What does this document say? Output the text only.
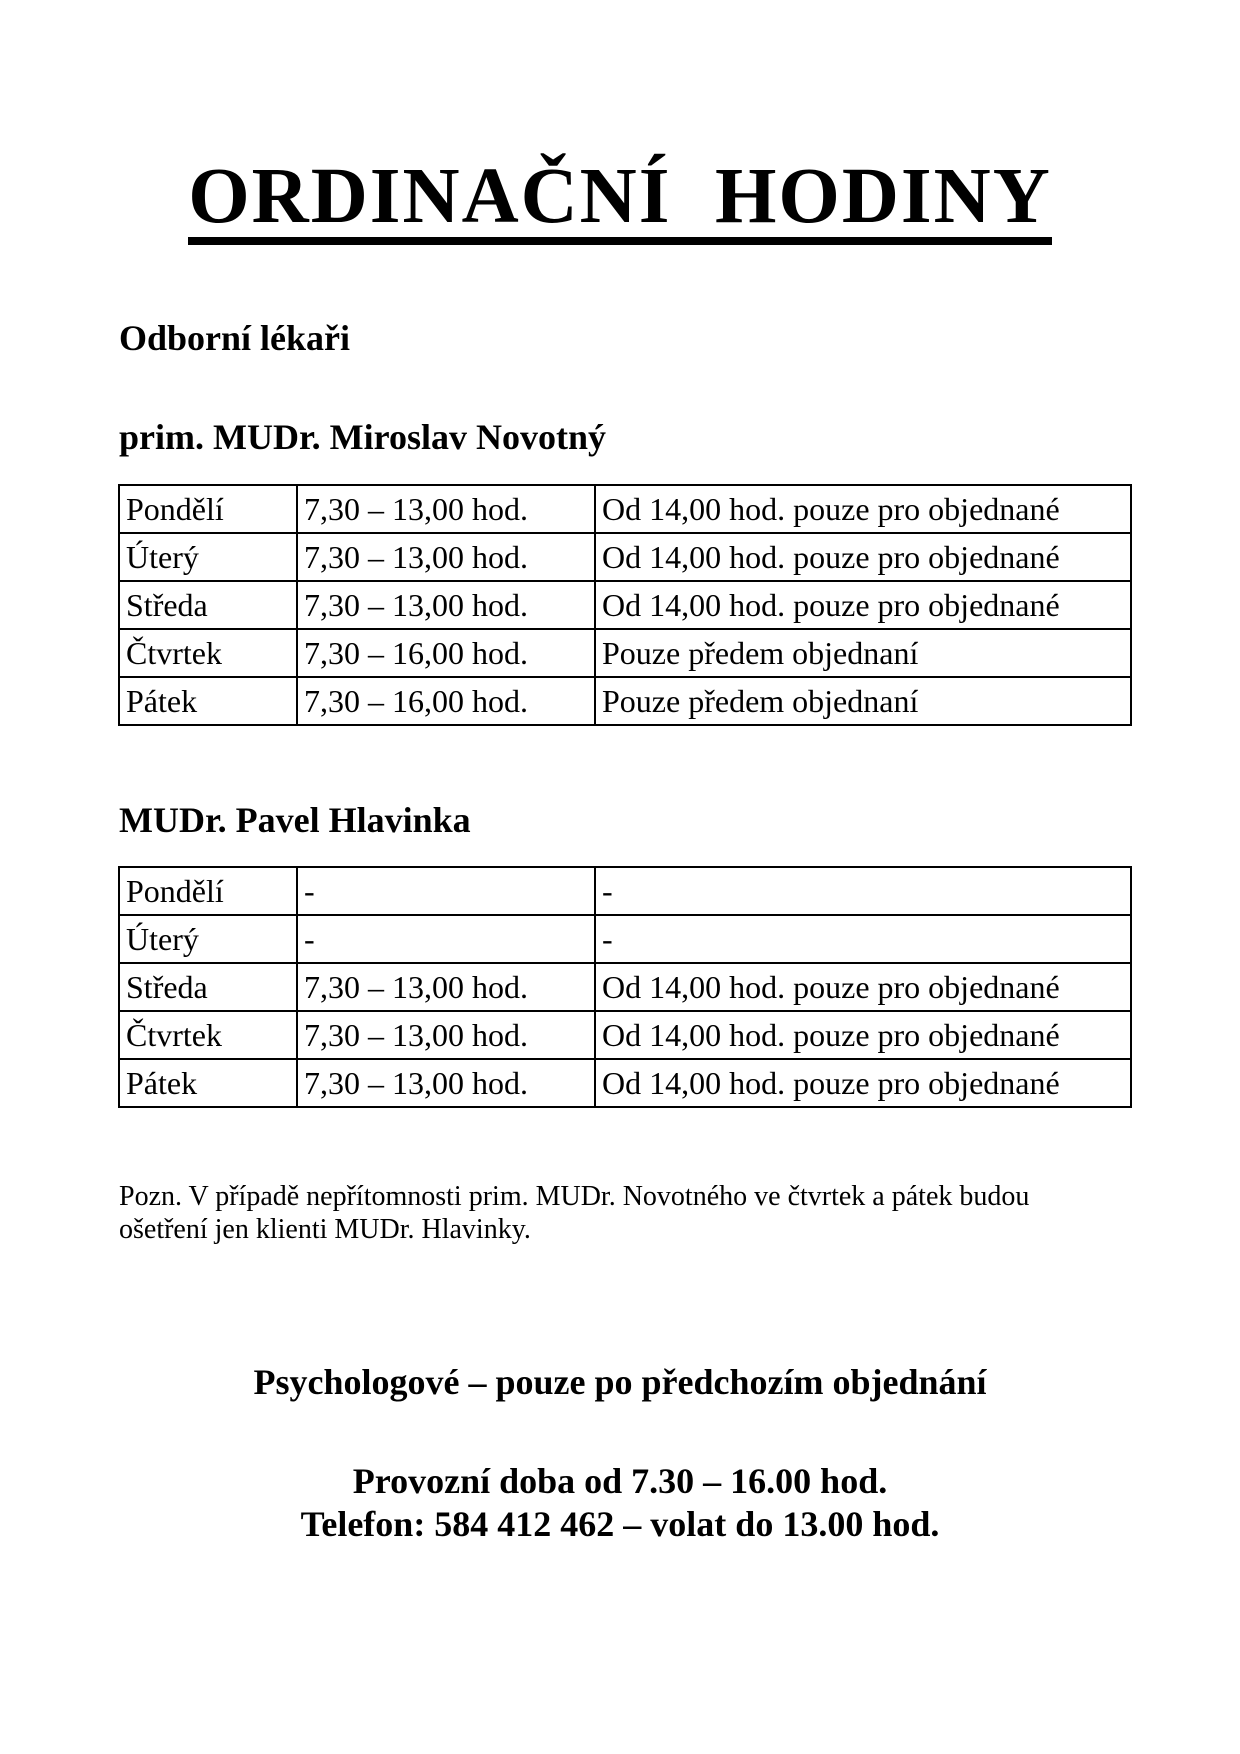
ORDINAČNÍ  HODINY
Odborní lékaři
prim. MUDr. Miroslav Novotný
Pondělí	7,30 – 13,00 hod.	Od 14,00 hod. pouze pro objednané
Úterý	7,30 – 13,00 hod.	Od 14,00 hod. pouze pro objednané
Středa	7,30 – 13,00 hod.	Od 14,00 hod. pouze pro objednané
Čtvrtek	7,30 – 16,00 hod.	Pouze předem objednaní
Pátek	7,30 – 16,00 hod.	Pouze předem objednaní
MUDr. Pavel Hlavinka
Pondělí	-	-
Úterý	-	-
Středa	7,30 – 13,00 hod.	Od 14,00 hod. pouze pro objednané
Čtvrtek	7,30 – 13,00 hod.	Od 14,00 hod. pouze pro objednané
Pátek	7,30 – 13,00 hod.	Od 14,00 hod. pouze pro objednané

Pozn. V případě nepřítomnosti prim. MUDr. Novotného ve čtvrtek a pátek budou
ošetření jen klienti MUDr. Hlavinky.

Psychologové – pouze po předchozím objednání

Provozní doba od 7.30 – 16.00 hod.

Telefon: 584 412 462 – volat do 13.00 hod.
